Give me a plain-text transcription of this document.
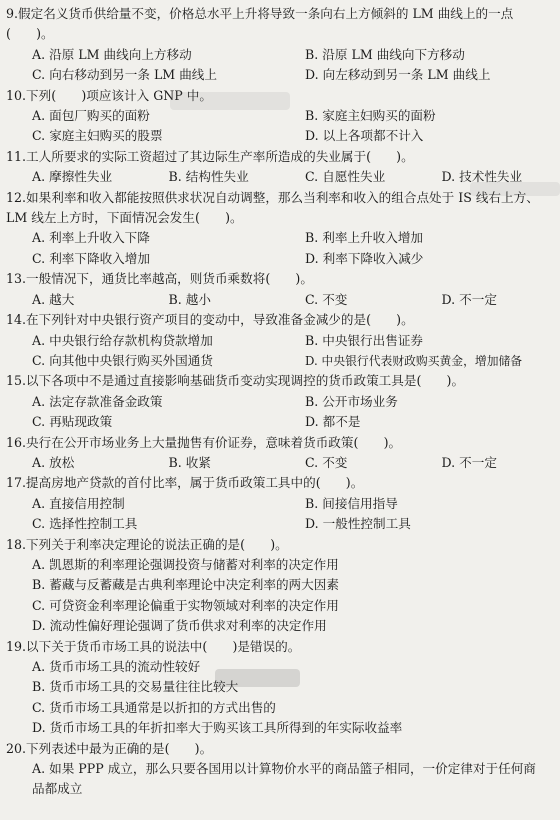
9.假定名义货币供给量不变，价格总水平上升将导致一条向右上方倾斜的 LM 曲线上的一点(　　)。
A. 沿原 LM 曲线向上方移动	B. 沿原 LM 曲线向下方移动
C. 向右移动到另一条 LM 曲线上	D. 向左移动到另一条 LM 曲线上
10.下列(　　)项应该计入 GNP 中。
A. 面包厂购买的面粉	B. 家庭主妇购买的面粉
C. 家庭主妇购买的股票	D. 以上各项都不计入
11.工人所要求的实际工资超过了其边际生产率所造成的失业属于(　　)。
A. 摩擦性失业	B. 结构性失业	C. 自愿性失业	D. 技术性失业
12.如果利率和收入都能按照供求状况自动调整，那么当利率和收入的组合点处于 IS 线右上方、LM 线左上方时，下面情况会发生(　　)。
A. 利率上升收入下降	B. 利率上升收入增加
C. 利率下降收入增加	D. 利率下降收入减少
13.一般情况下，通货比率越高，则货币乘数将(　　)。
A. 越大	B. 越小	C. 不变	D. 不一定
14.在下列针对中央银行资产项目的变动中，导致准备金减少的是(　　)。
A. 中央银行给存款机构贷款增加	B. 中央银行出售证券
C. 向其他中央银行购买外国通货	D. 中央银行代表财政购买黄金，增加储备
15.以下各项中不是通过直接影响基础货币变动实现调控的货币政策工具是(　　)。
A. 法定存款准备金政策	B. 公开市场业务
C. 再贴现政策	D. 都不是
16.央行在公开市场业务上大量抛售有价证券，意味着货币政策(　　)。
A. 放松	B. 收紧	C. 不变	D. 不一定
17.提高房地产贷款的首付比率，属于货币政策工具中的(　　)。
A. 直接信用控制	B. 间接信用指导
C. 选择性控制工具	D. 一般性控制工具
18.下列关于利率决定理论的说法正确的是(　　)。
A. 凯恩斯的利率理论强调投资与储蓄对利率的决定作用
B. 蓄藏与反蓄藏是古典利率理论中决定利率的两大因素
C. 可贷资金利率理论偏重于实物领域对利率的决定作用
D. 流动性偏好理论强调了货币供求对利率的决定作用
19.以下关于货币市场工具的说法中(　　)是错误的。
A. 货币市场工具的流动性较好
B. 货币市场工具的交易量往往比较大
C. 货币市场工具通常是以折扣的方式出售的
D. 货币市场工具的年折扣率大于购买该工具所得到的年实际收益率
20.下列表述中最为正确的是(　　)。
A. 如果 PPP 成立，那么只要各国用以计算物价水平的商品篮子相同，一价定律对于任何商品都成立
